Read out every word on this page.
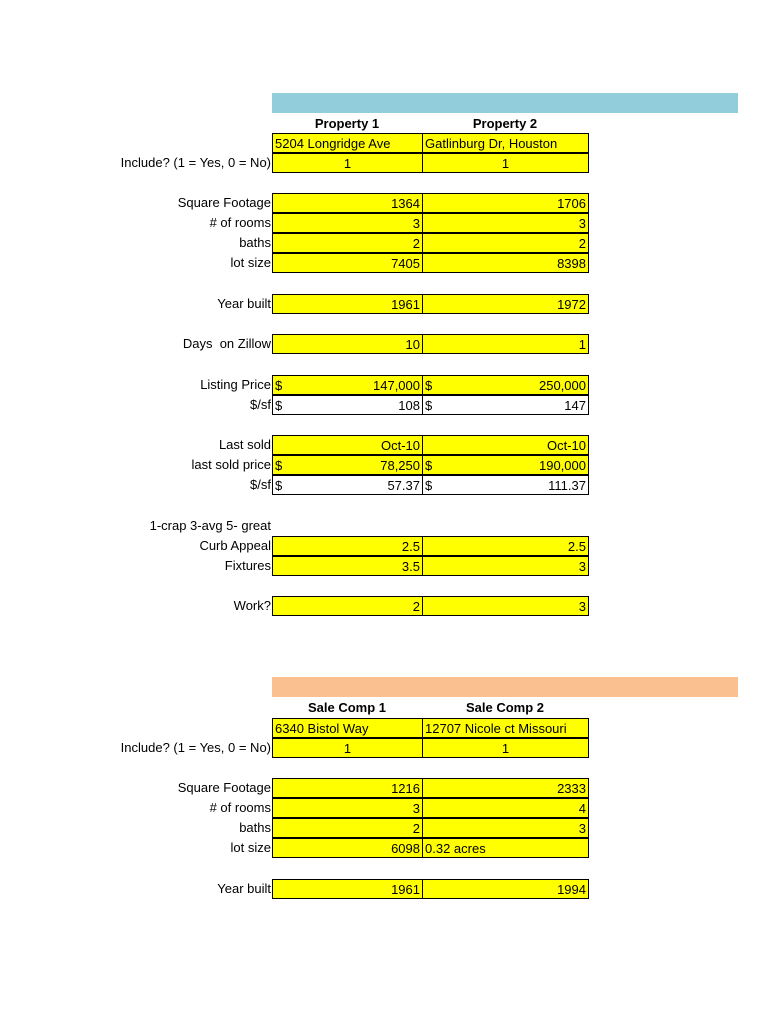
Property 1	Property 2
5204 Longridge Ave	Gatlinburg Dr, Houston
Include? (1 = Yes, 0 = No)	1	1
Square Footage	1364	1706
# of rooms	3	3
baths	2	2
lot size	7405	8398
Year built	1961	1972
Days  on Zillow	10	1
Listing Price $	147,000 $	250,000
$/sf $	108 $	147
Last sold	Oct-10	Oct-10
last sold price $	78,250 $	190,000
$/sf $	57.37 $	111.37
1-crap 3-avg 5- great
Curb Appeal	2.5	2.5
Fixtures	3.5	3
Work?	2	3
Sale Comp 1	Sale Comp 2
6340 Bistol Way	12707 Nicole ct Missouri
Include? (1 = Yes, 0 = No)	1	1
Square Footage	1216	2333
# of rooms	3	4
baths	2	3
lot size	6098 0.32 acres
Year built	1961	1994
